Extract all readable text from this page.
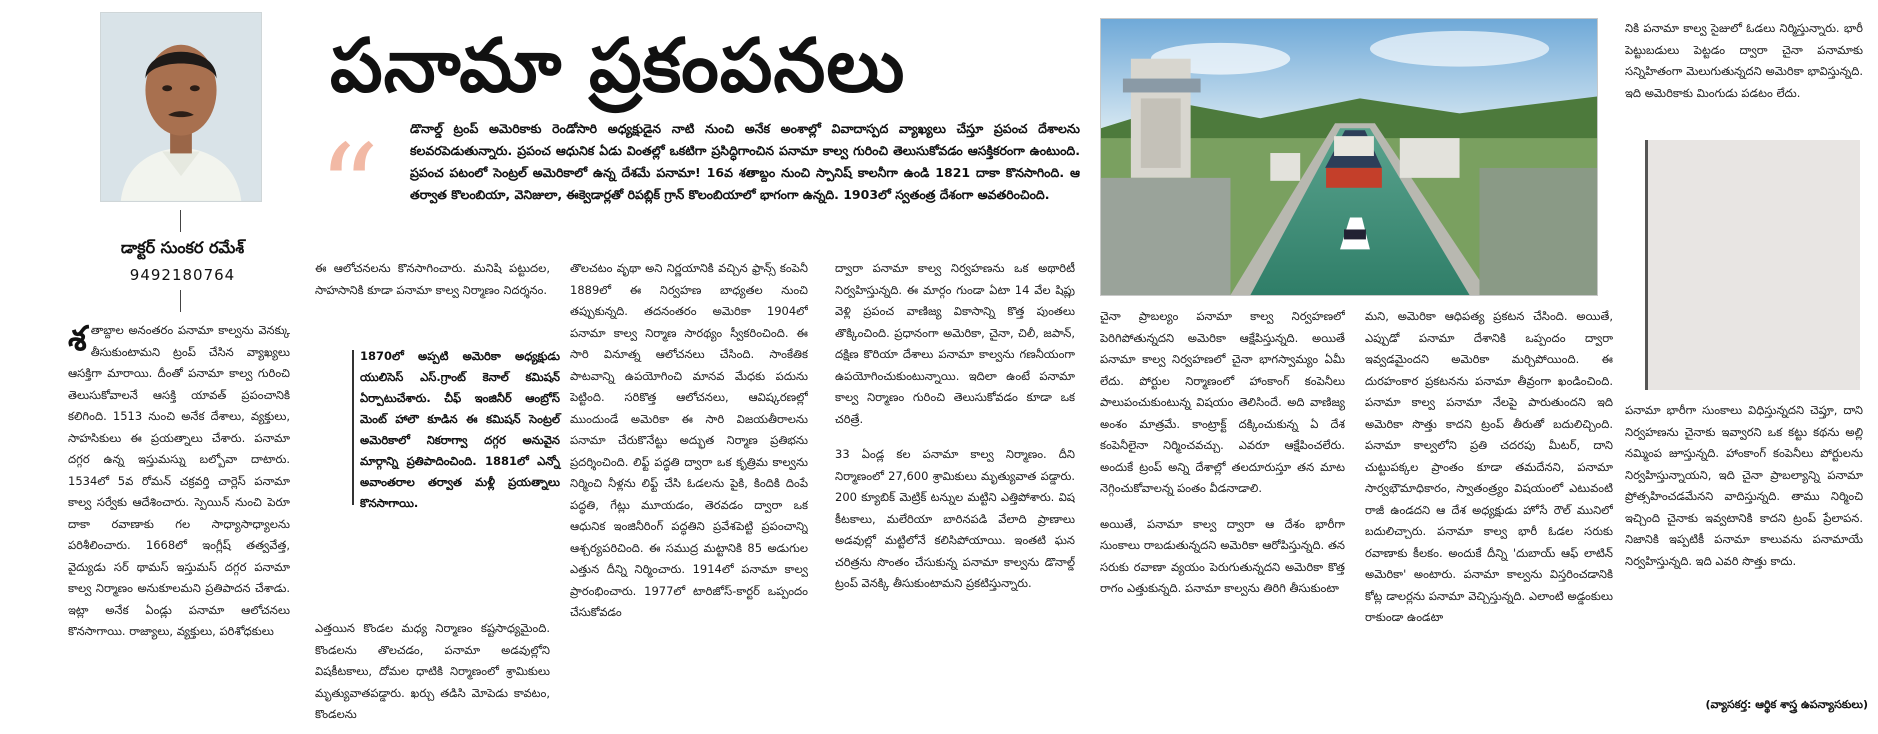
డాక్టర్ సుంకర రమేశ్
9492180764
పనామా ప్రకంపనలు
“ డొనాల్డ్ ట్రంప్ అమెరికాకు రెండోసారి అధ్యక్షుడైన నాటి నుంచి అనేక అంశాల్లో వివాదాస్పద వ్యాఖ్యలు చేస్తూ ప్రపంచ దేశాలను కలవరపెడుతున్నారు. ప్రపంచ ఆధునిక ఏడు వింతల్లో ఒకటిగా ప్రసిద్ధిగాంచిన పనామా కాల్వ గురించి తెలుసుకోవడం ఆసక్తికరంగా ఉంటుంది. ప్రపంచ పటంలో సెంట్రల్ అమెరికాలో ఉన్న దేశమే పనామా! 16వ శతాబ్దం నుంచి స్పానిష్ కాలనీగా ఉండి 1821 దాకా కొనసాగింది. ఆ తర్వాత కొలంబియా, వెనిజులా, ఈక్వెడార్లతో రిపబ్లిక్ గ్రాన్ కొలంబియాలో భాగంగా ఉన్నది. 1903లో స్వతంత్ర దేశంగా అవతరించింది.
శ తాబ్దాల అనంతరం పనామా కాల్వను వెనక్కు తీసుకుంటామని ట్రంప్ చేసిన వ్యాఖ్యలు ఆసక్తిగా మారాయి. దీంతో పనామా కాల్వ గురించి తెలుసుకోవాలనే ఆసక్తి యావత్ ప్రపంచానికి కలిగింది. 1513 నుంచి అనేక దేశాలు, వ్యక్తులు, సాహసికులు ఈ ప్రయత్నాలు చేశారు. పనామా దగ్గర ఉన్న ఇస్తుమస్ను బల్బోవా దాటారు. 1534లో 5వ రోమన్ చక్రవర్తి చార్లెస్ పనామా కాల్వ సర్వేకు ఆదేశించారు. స్పెయిన్ నుంచి పెరూ దాకా రవాణాకు గల సాధ్యాసాధ్యాలను పరిశీలించారు. 1668లో ఇంగ్లీష్ తత్వవేత్త, వైద్యుడు సర్ థామస్ ఇస్తుమస్ దగ్గర పనామా కాల్వ నిర్మాణం అనుకూలమని ప్రతిపాదన చేశాడు. ఇట్లా అనేక ఏండ్లు పనామా ఆలోచనలు కొనసాగాయి. రాజ్యాలు, వ్యక్తులు, పరిశోధకులు

ఈ ఆలోచనలను కొనసాగించారు. మనిషి పట్టుదల, సాహసానికి కూడా పనామా కాల్వ నిర్మాణం నిదర్శనం.

1870లో అప్పటి అమెరికా అధ్యక్షుడు యులిసెస్ ఎస్.గ్రాంట్ కెనాల్ కమిషన్ ఏర్పాటుచేశారు. చీఫ్ ఇంజినీర్ ఆంబ్రోస్ మెంట్ హాలౌ కూడిన ఈ కమిషన్ సెంట్రల్ అమెరికాలో నికరాగ్వా దగ్గర అనువైన మార్గాన్ని ప్రతిపాదించింది. 1881లో ఎన్నో అవాంతరాల తర్వాత మళ్లీ ప్రయత్నాలు కొనసాగాయి.

ఎత్తయిన కొండల మధ్య నిర్మాణం కష్టసాధ్యమైంది. కొండలను తొలచడం, పనామా అడవుల్లోని విషకీటకాలు, దోమల ధాటికి నిర్మాణంలో శ్రామికులు మృత్యువాతపడ్డారు. ఖర్చు తడిసి మోపెడు కావటం, కొండలను

తొలచటం వృథా అని నిర్ణయానికి వచ్చిన ఫ్రాన్స్ కంపెనీ 1889లో ఈ నిర్వహణ బాధ్యతల నుంచి తప్పుకున్నది. తదనంతరం అమెరికా 1904లో పనామా కాల్వ నిర్మాణ సారథ్యం స్వీకరించింది. ఈ సారి వినూత్న ఆలోచనలు చేసింది. సాంకేతిక పాటవాన్ని ఉపయోగించి మానవ మేధకు పదును పెట్టింది. సరికొత్త ఆలోచనలు, ఆవిష్కరణల్లో ముందుండే అమెరికా ఈ సారి విజయతీరాలను పనామా చేరుకొనేట్టు అద్భుత నిర్మాణ ప్రతిభను ప్రదర్శించింది. లిఫ్ట్ పద్ధతి ద్వారా ఒక కృత్రిమ కాల్వను నిర్మించి నీళ్లను లిఫ్ట్ చేసి ఓడలను పైకి, కిందికి దింపే పద్ధతి, గేట్లు మూయడం, తెరవడం ద్వారా ఒక ఆధునిక ఇంజినీరింగ్ పద్ధతిని ప్రవేశపెట్టి ప్రపంచాన్ని ఆశ్చర్యపరిచింది. ఈ సముద్ర మట్టానికి 85 అడుగుల ఎత్తున దీన్ని నిర్మించారు. 1914లో పనామా కాల్వ ప్రారంభించారు. 1977లో టారిజోస్-కార్టర్ ఒప్పందం చేసుకోవడం

ద్వారా పనామా కాల్వ నిర్వహణను ఒక అథారిటీ నిర్వహిస్తున్నది. ఈ మార్గం గుండా ఏటా 14 వేల షిప్లు వెళ్లి ప్రపంచ వాణిజ్య వికాసాన్ని కొత్త పుంతలు తొక్కించింది. ప్రధానంగా అమెరికా, చైనా, చిలీ, జపాన్, దక్షిణ కొరియా దేశాలు పనామా కాల్వను గణనీయంగా ఉపయోగించుకుంటున్నాయి. ఇదిలా ఉంటే పనామా కాల్వ నిర్మాణం గురించి తెలుసుకోవడం కూడా ఒక చరిత్రే.

33 ఏండ్ల కల పనామా కాల్వ నిర్మాణం. దీని నిర్మాణంలో 27,600 శ్రామికులు మృత్యువాత పడ్డారు. 200 క్యూబిక్ మెట్రిక్ టన్నుల మట్టిని ఎత్తిపోశారు. విష కీటకాలు, మలేరియా బారినపడి వేలాది ప్రాణాలు అడవుల్లో మట్టిలోనే కలిసిపోయాయి. ఇంతటి ఘన చరిత్రను సొంతం చేసుకున్న పనామా కాల్వను డొనాల్డ్ ట్రంప్ వెనక్కి తీసుకుంటామని ప్రకటిస్తున్నారు.

చైనా ప్రాబల్యం పనామా కాల్వ నిర్వహణలో పెరిగిపోతున్నదని అమెరికా ఆక్షేపిస్తున్నది. అయితే పనామా కాల్వ నిర్వహణలో చైనా భాగస్వామ్యం ఏమీ లేదు. పోర్టుల నిర్మాణంలో హాంకాంగ్ కంపెనీలు పాలుపంచుకుంటున్న విషయం తెలిసిందే. అది వాణిజ్య అంశం మాత్రమే. కాంట్రాక్ట్ దక్కించుకున్న ఏ దేశ కంపెనీలైనా నిర్మించవచ్చు. ఎవరూ ఆక్షేపించలేరు. అందుకే ట్రంప్ అన్ని దేశాల్లో తలదూరుస్తూ తన మాట నెగ్గించుకోవాలన్న పంతం వీడనాడాలి.

అయితే, పనామా కాల్వ ద్వారా ఆ దేశం భారీగా సుంకాలు రాబడుతున్నదని అమెరికా ఆరోపిస్తున్నది. తన సరుకు రవాణా వ్యయం పెరుగుతున్నదని అమెరికా కొత్త రాగం ఎత్తుకున్నది. పనామా కాల్వను తిరిగి తీసుకుంటా

మని, అమెరికా ఆధిపత్య ప్రకటన చేసింది. అయితే, ఎప్పుడో పనామా దేశానికి ఒప్పందం ద్వారా ఇవ్వడమైందని అమెరికా మర్చిపోయింది. ఈ దురహంకార ప్రకటనను పనామా తీవ్రంగా ఖండించింది. పనామా కాల్వ పనామా నేలపై పారుతుందని ఇది అమెరికా సొత్తు కాదని ట్రంప్ తీరుతో బదులిచ్చింది. పనామా కాల్వలోని ప్రతి చదరపు మీటర్, దాని చుట్టుపక్కల ప్రాంతం కూడా తమదేనని, పనామా సార్వభౌమాధికారం, స్వాతంత్ర్యం విషయంలో ఎటువంటి రాజీ ఉండదని ఆ దేశ అధ్యక్షుడు హోసే రౌల్ మునిలో బదులిచ్చారు. పనామా కాల్వ భారీ ఓడల సరుకు రవాణాకు కీలకం. అందుకే దీన్ని 'దుబాయ్ ఆఫ్ లాటిన్ అమెరికా' అంటారు. పనామా కాల్వను విస్తరించడానికి కోట్ల డాలర్లను పనామా వెచ్చిస్తున్నది. ఎలాంటి అడ్డంకులు రాకుండా ఉండటా

నికి పనామా కాల్వ సైజులో ఓడలు నిర్మిస్తున్నారు. భారీ పెట్టుబడులు పెట్టడం ద్వారా చైనా పనామాకు సన్నిహితంగా మెలుగుతున్నదని అమెరికా భావిస్తున్నది. ఇది అమెరికాకు మింగుడు పడటం లేదు.

పనామా భారీగా సుంకాలు విధిస్తున్నదని చెప్తూ, దాని నిర్వహణను చైనాకు ఇవ్వారని ఒక కట్టు కథను అల్లి నమ్మింప జూస్తున్నది. హాంకాంగ్ కంపెనీలు పోర్టులను నిర్వహిస్తున్నాయని, ఇది చైనా ప్రాబల్యాన్ని పనామా ప్రోత్సహించడమేనని వాదిస్తున్నది. తాము నిర్మించి ఇచ్చింది చైనాకు ఇవ్వటానికి కాదని ట్రంప్ ప్రేలాపన. నిజానికి ఇప్పటికీ పనామా కాలువను పనామాయే నిర్వహిస్తున్నది. ఇది ఎవరి సొత్తు కాదు.

(వ్యాసకర్త: ఆర్థిక శాస్త్ర ఉపన్యాసకులు)
